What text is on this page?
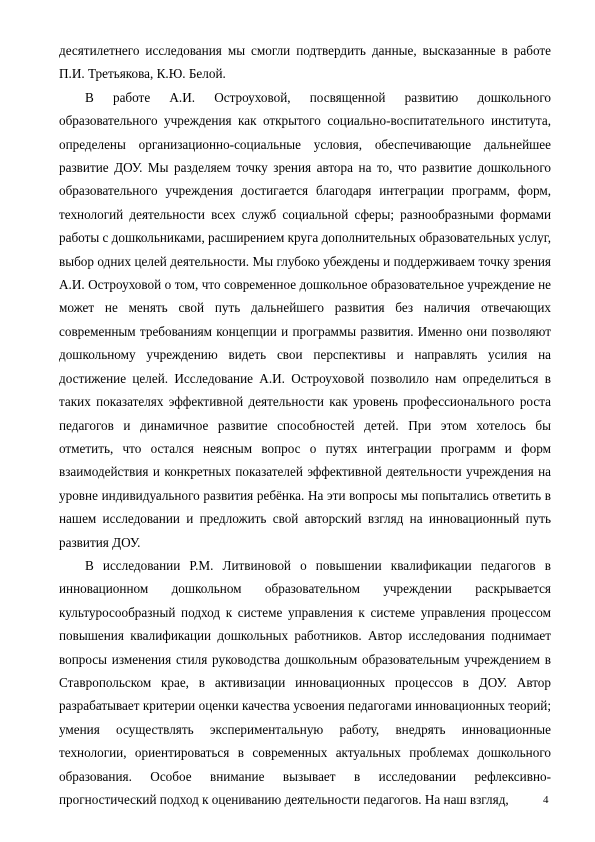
десятилетнего исследования мы смогли подтвердить данные, высказанные в работе П.И. Третьякова, К.Ю. Белой.

В работе А.И. Остроуховой, посвященной развитию дошкольного образовательного учреждения как открытого социально-воспитательного института, определены организационно-социальные условия, обеспечивающие дальнейшее развитие ДОУ. Мы разделяем точку зрения автора на то, что развитие дошкольного образовательного учреждения достигается благодаря интеграции программ, форм, технологий деятельности всех служб социальной сферы; разнообразными формами работы с дошкольниками, расширением круга дополнительных образовательных услуг, выбор одних целей деятельности. Мы глубоко убеждены и поддерживаем точку зрения А.И. Остроуховой о том, что современное дошкольное образовательное учреждение не может не менять свой путь дальнейшего развития без наличия отвечающих современным требованиям концепции и программы развития. Именно они позволяют дошкольному учреждению видеть свои перспективы и направлять усилия на достижение целей. Исследование А.И. Остроуховой позволило нам определиться в таких показателях эффективной деятельности как уровень профессионального роста педагогов и динамичное развитие способностей детей. При этом хотелось бы отметить, что остался неясным вопрос о путях интеграции программ и форм взаимодействия и конкретных показателей эффективной деятельности учреждения на уровне индивидуального развития ребёнка. На эти вопросы мы попытались ответить в нашем исследовании и предложить свой авторский взгляд на инновационный путь развития ДОУ.

В исследовании Р.М. Литвиновой о повышении квалификации педагогов в инновационном дошкольном образовательном учреждении раскрывается культуросообразный подход к системе управления к системе управления процессом повышения квалификации дошкольных работников. Автор исследования поднимает вопросы изменения стиля руководства дошкольным образовательным учреждением в Ставропольском крае, в активизации инновационных процессов в ДОУ. Автор разрабатывает критерии оценки качества усвоения педагогами инновационных теорий; умения осуществлять экспериментальную работу, внедрять инновационные технологии, ориентироваться в современных актуальных проблемах дошкольного образования. Особое внимание вызывает в исследовании рефлексивно-прогностический подход к оцениванию деятельности педагогов. На наш взгляд,	4
